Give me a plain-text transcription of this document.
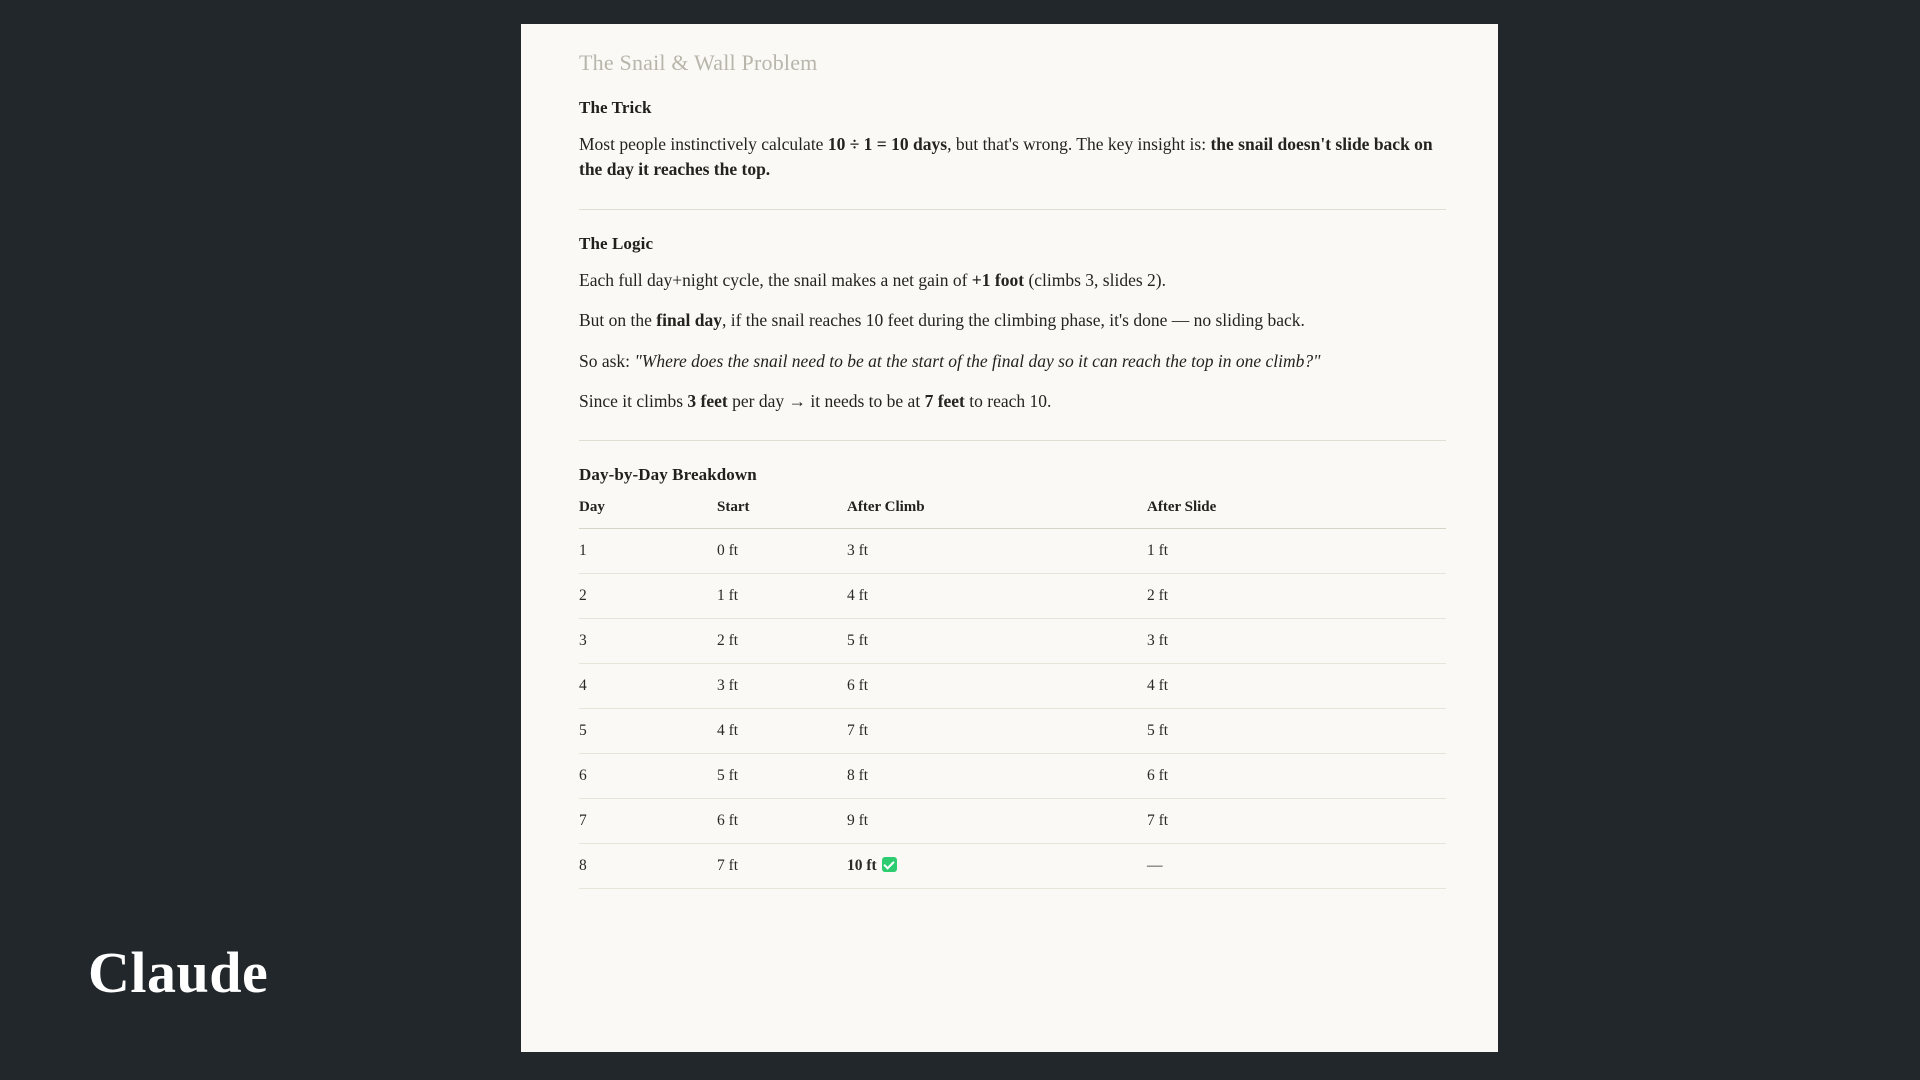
Claude
The Snail & Wall Problem
The Trick

Most people instinctively calculate 10 ÷ 1 = 10 days, but that's wrong. The key insight is: the snail doesn't slide back on the day it reaches the top.

The Logic

Each full day+night cycle, the snail makes a net gain of +1 foot (climbs 3, slides 2).

But on the final day, if the snail reaches 10 feet during the climbing phase, it's done — no sliding back.

So ask: "Where does the snail need to be at the start of the final day so it can reach the top in one climb?"

Since it climbs 3 feet per day → it needs to be at 7 feet to reach 10.

Day-by-Day Breakdown
Day	Start	After Climb	After Slide
1	0 ft	3 ft	1 ft
2	1 ft	4 ft	2 ft
3	2 ft	5 ft	3 ft
4	3 ft	6 ft	4 ft
5	4 ft	7 ft	5 ft
6	5 ft	8 ft	6 ft
7	6 ft	9 ft	7 ft
8	7 ft	10 ft	—
